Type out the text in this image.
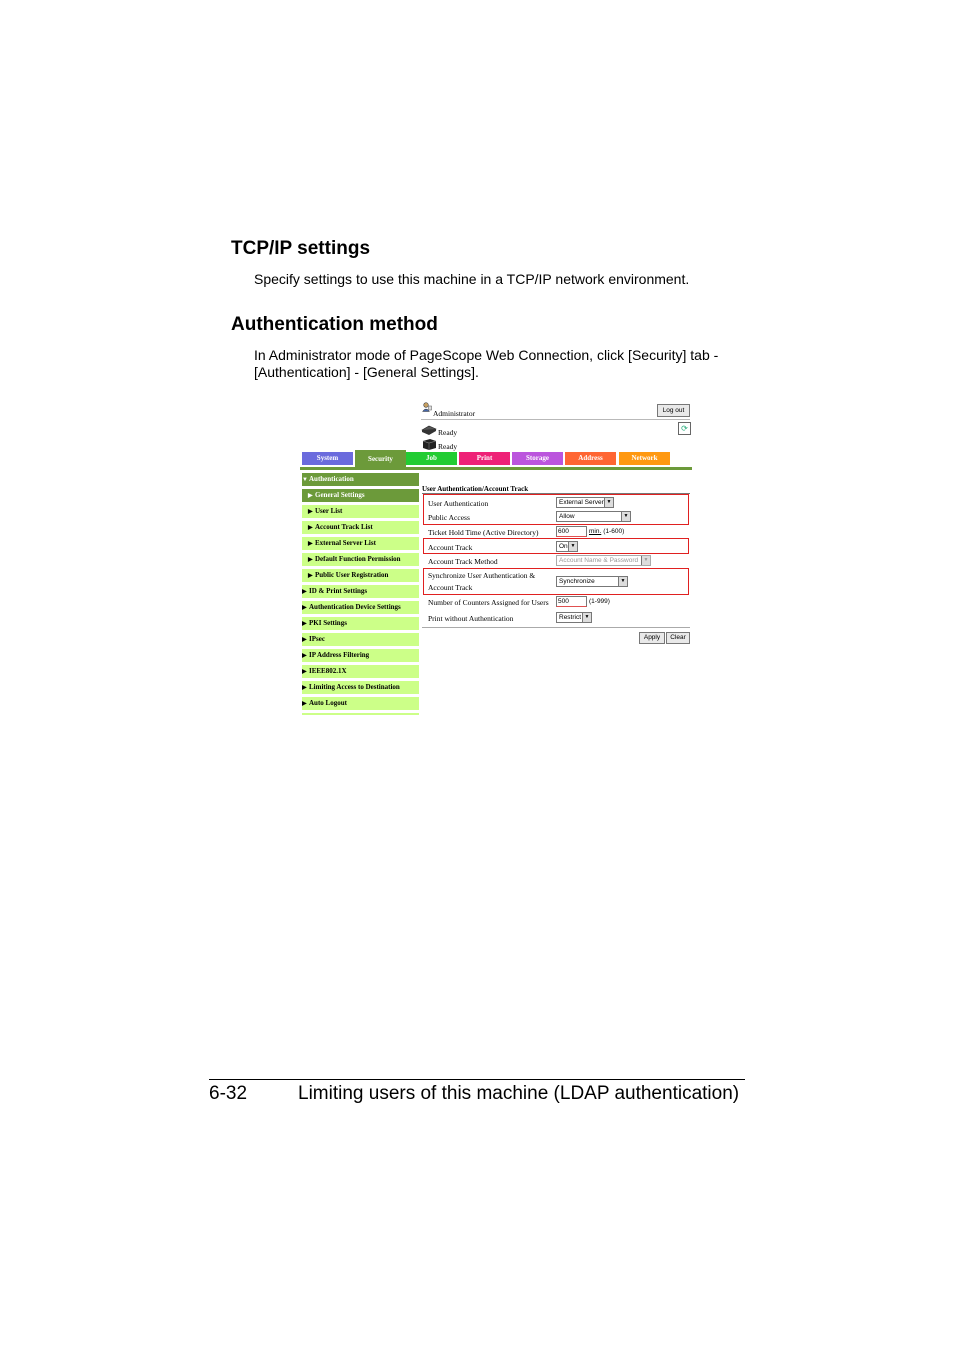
TCP/IP settings

Specify settings to use this machine in a TCP/IP network environment.

Authentication method

In Administrator mode of PageScope Web Connection, click [Security] tab -

[Authentication] - [General Settings].

Administrator	Log out
Ready
Ready
⟳
System	Security	Job	Print	Storage	Address	Network
▼Authentication
▶ General Settings
▶ User List
▶ Account Track List
▶ External Server List
▶ Default Function Permission
▶ Public User Registration
▶ ID & Print Settings
▶ Authentication Device Settings
▶ PKI Settings
▶ IPsec
▶ IP Address Filtering
▶ IEEE802.1X
▶ Limiting Access to Destination
▶ Auto Logout
User Authentication/Account Track
User Authentication	External Server ▼
Public Access	Allow	▼
Ticket Hold Time (Active Directory)	600	min. (1-600)
Account Track	On ▼
Account Track Method	Account Name & Password	▼
Synchronize User Authentication &
Account Track
Synchronize	▼
Number of Counters Assigned for Users	500	(1-999)
Print without Authentication	Restrict ▼
Apply	Clear
6-32	Limiting users of this machine (LDAP authentication)
